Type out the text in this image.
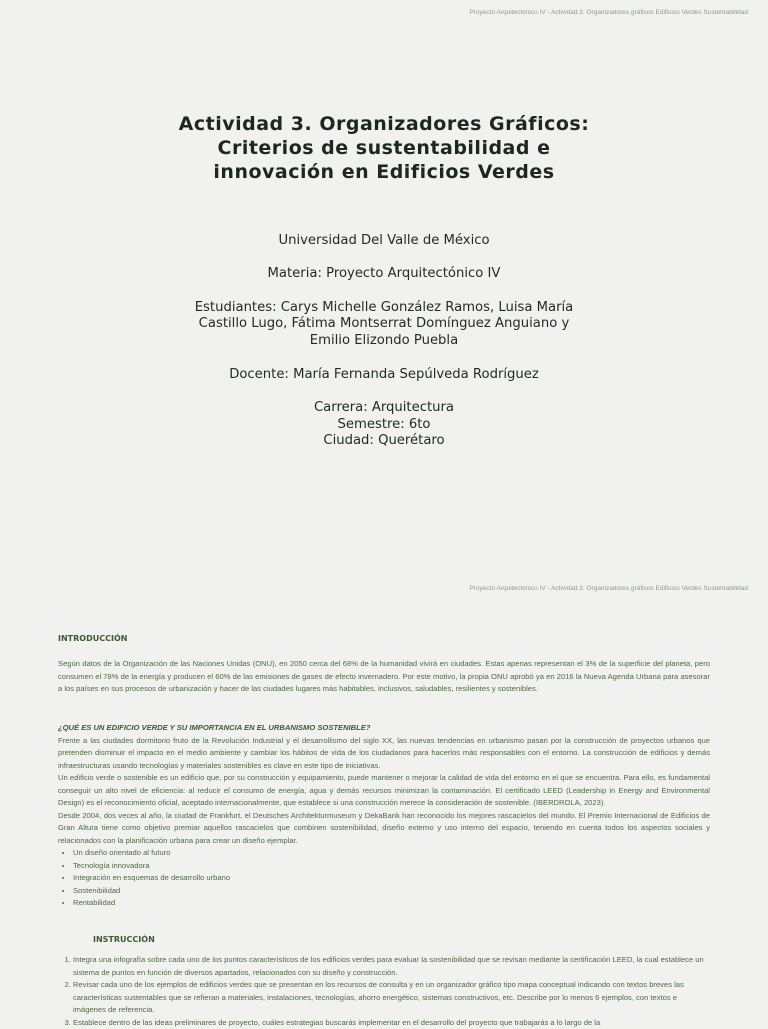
Proyecto Arquitectónico IV - Actividad 3. Organizadores gráficos Edificios Verdes Sustentabilidad
Actividad 3. Organizadores Gráficos:
Criterios de sustentabilidad e
innovación en Edificios Verdes

Universidad Del Valle de México

Materia: Proyecto Arquitectónico IV

Estudiantes: Carys Michelle González Ramos, Luisa María
Castillo Lugo, Fátima Montserrat Domínguez Anguiano y
Emilio Elizondo Puebla

Docente: María Fernanda Sepúlveda Rodríguez

Carrera: Arquitectura
Semestre: 6to
Ciudad: Querétaro

Proyecto Arquitectónico IV - Actividad 3. Organizadores gráficos Edificios Verdes Sustentabilidad
INTRODUCCIÓN

Según datos de la Organización de las Naciones Unidas (ONU), en 2050 cerca del 68% de la humanidad vivirá en ciudades. Estas apenas representan el 3% de la superficie del planeta, pero consumen el 78% de la energía y producen el 60% de las emisiones de gases de efecto invernadero. Por este motivo, la propia ONU aprobó ya en 2016 la Nueva Agenda Urbana para asesorar a los países en sus procesos de urbanización y hacer de las ciudades lugares más habitables, inclusivos, saludables, resilientes y sostenibles.

¿QUÉ ES UN EDIFICIO VERDE Y SU IMPORTANCIA EN EL URBANISMO SOSTENIBLE?

Frente a las ciudades dormitorio fruto de la Revolución Industrial y el desarrollismo del siglo XX, las nuevas tendencias en urbanismo pasan por la construcción de proyectos urbanos que pretenden disminuir el impacto en el medio ambiente y cambiar los hábitos de vida de los ciudadanos para hacerlos más responsables con el entorno. La construcción de edificios y demás infraestructuras usando tecnologías y materiales sostenibles es clave en este tipo de iniciativas.

Un edificio verde o sostenible es un edificio que, por su construcción y equipamiento, puede mantener o mejorar la calidad de vida del entorno en el que se encuentra. Para ello, es fundamental conseguir un alto nivel de eficiencia: al reducir el consumo de energía, agua y demás recursos minimizan la contaminación. El certificado LEED (Leadership in Energy and Environmental Design) es el reconocimiento oficial, aceptado internacionalmente, que establece si una construcción merece la consideración de sostenible. (IBERDROLA, 2023).

Desde 2004, dos veces al año, la ciudad de Frankfurt, el Deutsches Architekturmuseum y DekaBank han reconocido los mejores rascacielos del mundo. El Premio Internacional de Edificios de Gran Altura tiene como objetivo premiar aquellos rascacielos que combinen sostenibilidad, diseño externo y uso interno del espacio, teniendo en cuenta todos los aspectos sociales y relacionados con la planificación urbana para crear un diseño ejemplar.

• Un diseño orientado al futuro
• Tecnología innovadora
• Integración en esquemas de desarrollo urbano
• Sostenibilidad
• Rentabilidad
INSTRUCCIÓN
1. Integra una infografía sobre cada uno de los puntos característicos de los edificios verdes para evaluar la sostenibilidad que se revisan mediante la certificación LEED, la cual establece un sistema de puntos en función de diversos apartados, relacionados con su diseño y construcción.
2. Revisar cada uno de los ejemplos de edificios verdes que se presentan en los recursos de consulta y en un organizador gráfico tipo mapa conceptual indicando con textos breves las características sustentables que se refieran a materiales, instalaciones, tecnologías, ahorro energético, sistemas constructivos, etc. Describe por lo menos 6 ejemplos, con textos e imágenes de referencia.
3. Establece dentro de las ideas preliminares de proyecto, cuáles estrategias buscarás implementar en el desarrollo del proyecto que trabajarás a lo largo de la
